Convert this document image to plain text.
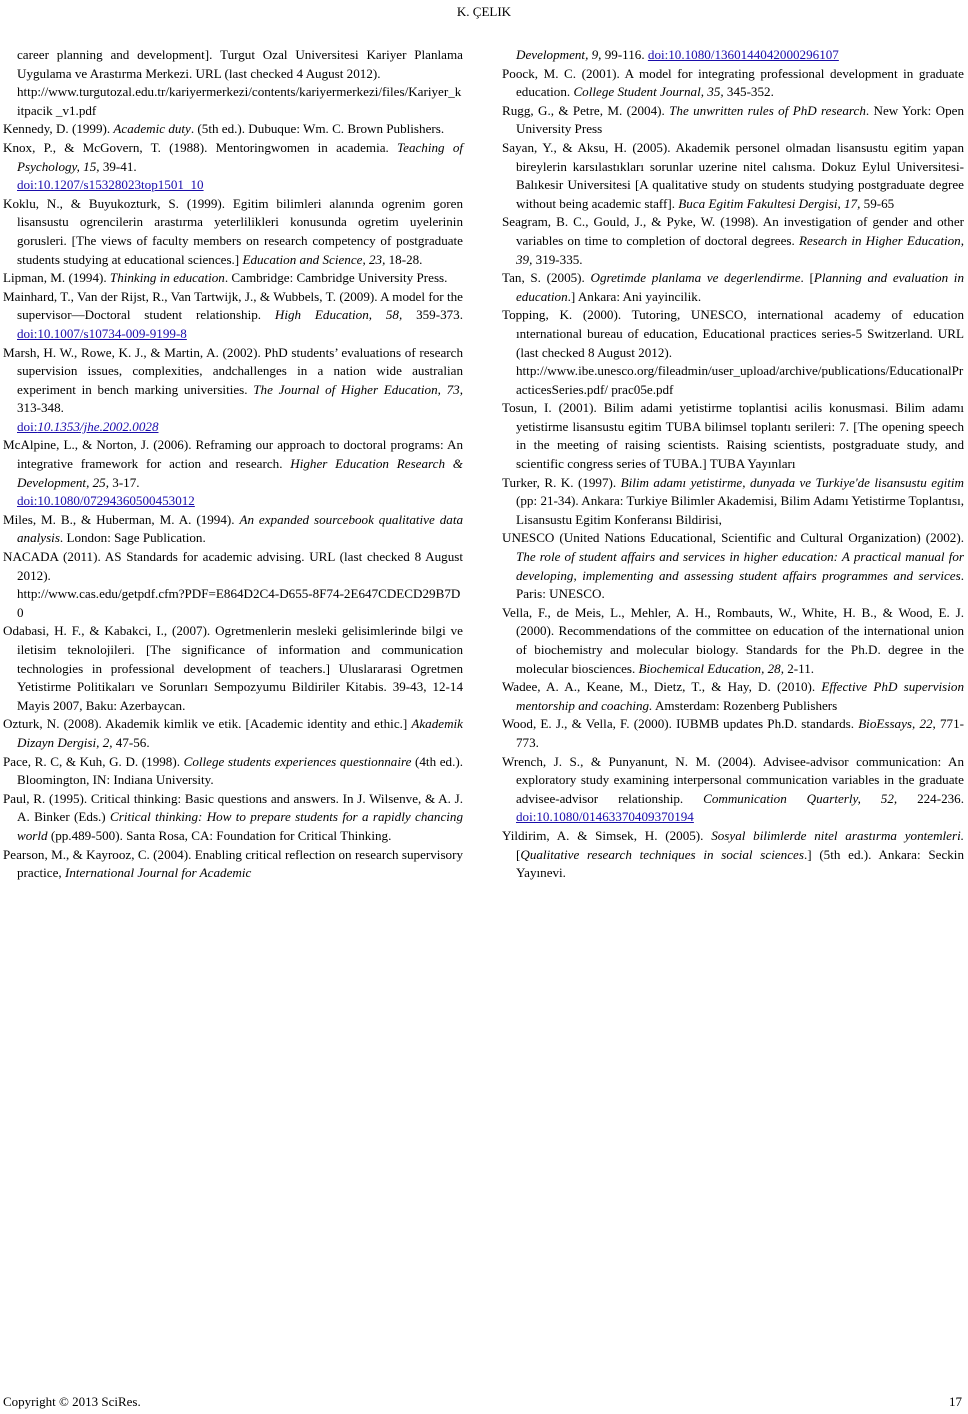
K. ÇELIK

career planning and development]. Turgut Ozal Universitesi Kariyer Planlama Uygulama ve Arastırma Merkezi. URL (last checked 4 August 2012).

http://www.turgutozal.edu.tr/kariyermerkezi/contents/kariyermerkezi/files/Kariyer_kitpacik _v1.pdf

Kennedy, D. (1999). Academic duty. (5th ed.). Dubuque: Wm. C. Brown Publishers.

Knox, P., & McGovern, T. (1988). Mentoringwomen in academia. Teaching of Psychology, 15, 39-41.

doi:10.1207/s15328023top1501_10

Koklu, N., & Buyukozturk, S. (1999). Egitim bilimleri alanında ogrenim goren lisansustu ogrencilerin arastırma yeterlilikleri konusunda ogretim uyelerinin gorusleri. [The views of faculty members on research competency of postgraduate students studying at educational sciences.] Education and Science, 23, 18-28.

Lipman, M. (1994). Thinking in education. Cambridge: Cambridge University Press.

Mainhard, T., Van der Rijst, R., Van Tartwijk, J., & Wubbels, T. (2009). A model for the supervisor—Doctoral student relationship. High Education, 58, 359-373. doi:10.1007/s10734-009-9199-8

Marsh, H. W., Rowe, K. J., & Martin, A. (2002). PhD students’ evaluations of research supervision issues, complexities, andchallenges in a nation wide australian experiment in bench marking universities. The Journal of Higher Education, 73, 313-348.

doi:10.1353/jhe.2002.0028

McAlpine, L., & Norton, J. (2006). Reframing our approach to doctoral programs: An integrative framework for action and research. Higher Education Research & Development, 25, 3-17.

doi:10.1080/07294360500453012

Miles, M. B., & Huberman, M. A. (1994). An expanded sourcebook qualitative data analysis. London: Sage Publication.

NACADA (2011). AS Standards for academic advising. URL (last checked 8 August 2012).

http://www.cas.edu/getpdf.cfm?PDF=E864D2C4-D655-8F74-2E647CDECD29B7D0

Odabasi, H. F., & Kabakci, I., (2007). Ogretmenlerin mesleki gelisimlerinde bilgi ve iletisim teknolojileri. [The significance of information and communication technologies in professional development of teachers.] Uluslararasi Ogretmen Yetistirme Politikaları ve Sorunları Sempozyumu Bildiriler Kitabis. 39-43, 12-14 Mayis 2007, Baku: Azerbaycan.

Ozturk, N. (2008). Akademik kimlik ve etik. [Academic identity and ethic.] Akademik Dizayn Dergisi, 2, 47-56.

Pace, R. C, & Kuh, G. D. (1998). College students experiences questionnaire (4th ed.). Bloomington, IN: Indiana University.

Paul, R. (1995). Critical thinking: Basic questions and answers. In J. Wilsenve, & A. J. A. Binker (Eds.) Critical thinking: How to prepare students for a rapidly chancing world (pp.489-500). Santa Rosa, CA: Foundation for Critical Thinking.

Pearson, M., & Kayrooz, C. (2004). Enabling critical reflection on research supervisory practice, International Journal for Academic

Development, 9, 99-116. doi:10.1080/1360144042000296107

Poock, M. C. (2001). A model for integrating professional development in graduate education. College Student Journal, 35, 345-352.

Rugg, G., & Petre, M. (2004). The unwritten rules of PhD research. New York: Open University Press

Sayan, Y., & Aksu, H. (2005). Akademik personel olmadan lisansustu egitim yapan bireylerin karsılastıkları sorunlar uzerine nitel calısma. Dokuz Eylul Universitesi-Balıkesir Universitesi [A qualitative study on students studying postgraduate degree without being academic staff]. Buca Egitim Fakultesi Dergisi, 17, 59-65

Seagram, B. C., Gould, J., & Pyke, W. (1998). An investigation of gender and other variables on time to completion of doctoral degrees. Research in Higher Education, 39, 319-335.

Tan, S. (2005). Ogretimde planlama ve degerlendirme. [Planning and evaluation in education.] Ankara: Ani yayincilik.

Topping, K. (2000). Tutoring, UNESCO, international academy of education ınternational bureau of education, Educational practices series-5 Switzerland. URL (last checked 8 August 2012).

http://www.ibe.unesco.org/fileadmin/user_upload/archive/publications/EducationalPracticesSeries.pdf/ prac05e.pdf

Tosun, I. (2001). Bilim adami yetistirme toplantisi acilis konusmasi. Bilim adamı yetistirme lisansustu egitim TUBA bilimsel toplantı serileri: 7. [The opening speech in the meeting of raising scientists. Raising scientists, postgraduate study, and scientific congress series of TUBA.] TUBA Yayınları

Turker, R. K. (1997). Bilim adamı yetistirme, dunyada ve Turkiye'de lisansustu egitim (pp: 21-34). Ankara: Turkiye Bilimler Akademisi, Bilim Adamı Yetistirme Toplantısı, Lisansustu Egitim Konferansı Bildirisi,

UNESCO (United Nations Educational, Scientific and Cultural Organization) (2002). The role of student affairs and services in higher education: A practical manual for developing, implementing and assessing student affairs programmes and services. Paris: UNESCO.

Vella, F., de Meis, L., Mehler, A. H., Rombauts, W., White, H. B., & Wood, E. J. (2000). Recommendations of the committee on education of the international union of biochemistry and molecular biology. Standards for the Ph.D. degree in the molecular biosciences. Biochemical Education, 28, 2-11.

Wadee, A. A., Keane, M., Dietz, T., & Hay, D. (2010). Effective PhD supervision mentorship and coaching. Amsterdam: Rozenberg Publishers

Wood, E. J., & Vella, F. (2000). IUBMB updates Ph.D. standards. BioEssays, 22, 771-773.

Wrench, J. S., & Punyanunt, N. M. (2004). Advisee-advisor communication: An exploratory study examining interpersonal communication variables in the graduate advisee-advisor relationship. Communication Quarterly, 52, 224-236. doi:10.1080/01463370409370194

Yildirim, A. & Simsek, H. (2005). Sosyal bilimlerde nitel arastırma yontemleri. [Qualitative research techniques in social sciences.] (5th ed.). Ankara: Seckin Yayınevi.

Copyright © 2013 SciRes.	17
